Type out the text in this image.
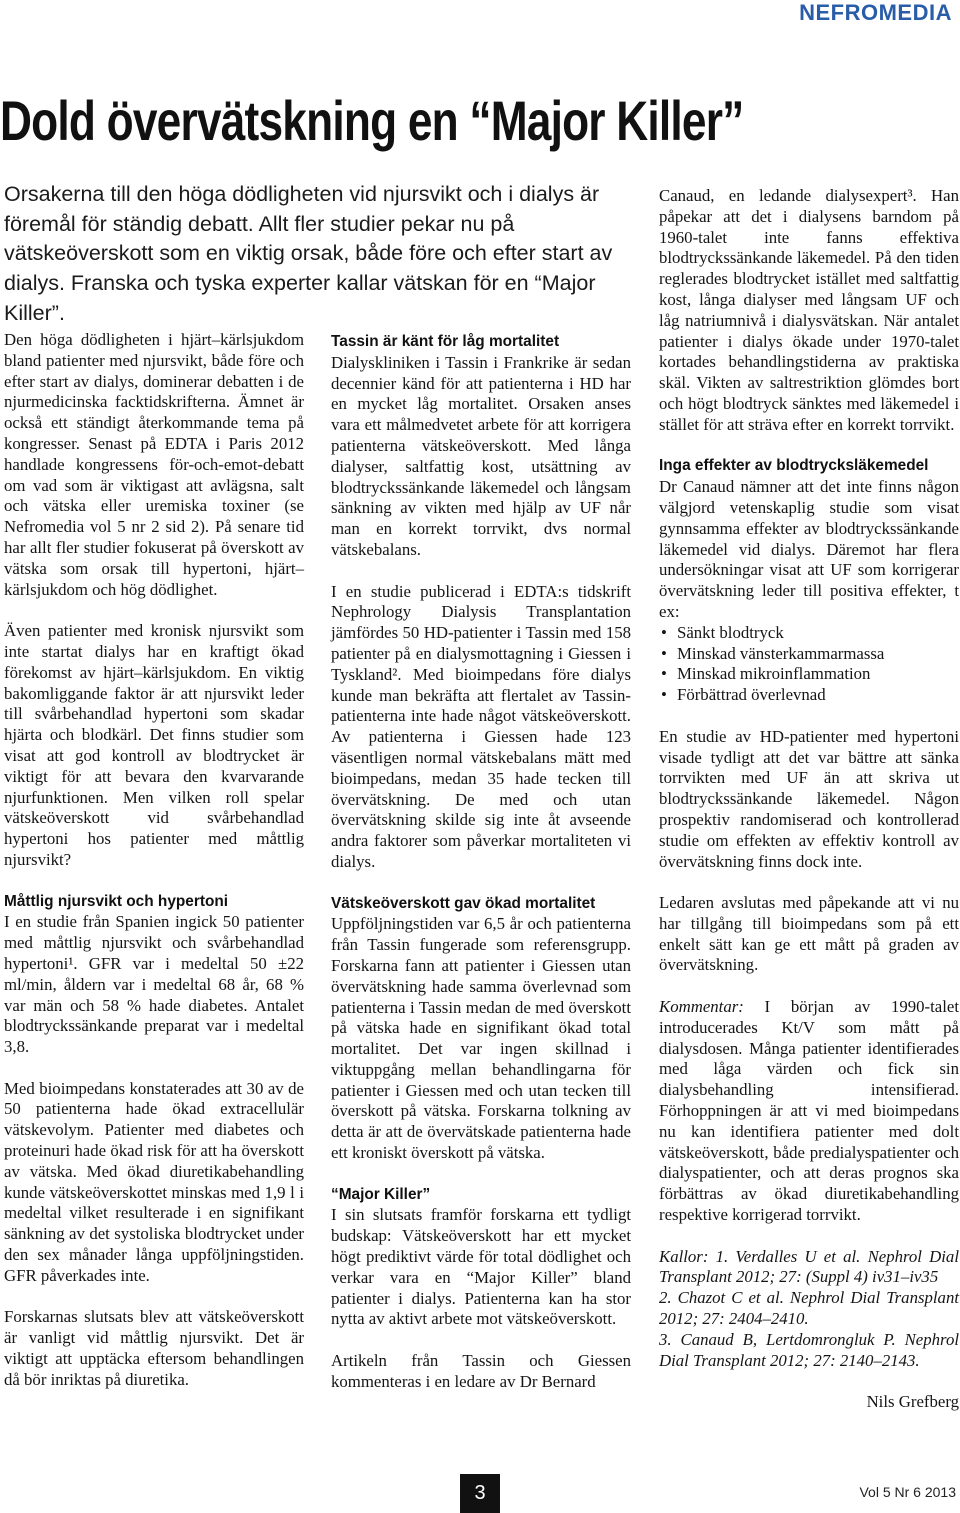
NEFROMEDIA
Dold övervätskning en “Major Killer”

Orsakerna till den höga dödligheten vid njursvikt och i dialys är föremål för ständig debatt. Allt fler studier pekar nu på vätskeöverskott som en viktig orsak, både före och efter start av dialys. Franska och tyska experter kallar vätskan för en “Major Killer”.

Den höga dödligheten i hjärt–kärlsjukdom bland patienter med njursvikt, både före och efter start av dialys, dominerar debatten i de njurmedicinska facktidskrifterna. Ämnet är också ett ständigt återkommande tema på kongresser. Senast på EDTA i Paris 2012 handlade kongressens för-och-emot-debatt om vad som är viktigast att avlägsna, salt och vätska eller uremiska toxiner (se Nefromedia vol 5 nr 2 sid 2). På senare tid har allt fler studier fokuserat på överskott av vätska som orsak till hypertoni, hjärt–kärlsjukdom och hög dödlighet.

Även patienter med kronisk njursvikt som inte startat dialys har en kraftigt ökad förekomst av hjärt–kärlsjukdom. En viktig bakomliggande faktor är att njursvikt leder till svårbehandlad hypertoni som skadar hjärta och blodkärl. Det finns studier som visat att god kontroll av blodtrycket är viktigt för att bevara den kvarvarande njurfunktionen. Men vilken roll spelar vätskeöverskott vid svårbehandlad hypertoni hos patienter med måttlig njursvikt?

Måttlig njursvikt och hypertoni

I en studie från Spanien ingick 50 patienter med måttlig njursvikt och svårbehandlad hypertoni¹. GFR var i medeltal 50 ±22 ml/min, åldern var i medeltal 68 år, 68 % var män och 58 % hade diabetes. Antalet blodtryckssänkande preparat var i medeltal 3,8.

Med bioimpedans konstaterades att 30 av de 50 patienterna hade ökad extracellulär vätskevolym. Patienter med diabetes och proteinuri hade ökad risk för att ha överskott av vätska. Med ökad diuretikabehandling kunde vätskeöverskottet minskas med 1,9 l i medeltal vilket resulterade i en signifikant sänkning av det systoliska blodtrycket under den sex månader långa uppföljningstiden. GFR påverkades inte.

Forskarnas slutsats blev att vätskeöverskott är vanligt vid måttlig njursvikt. Det är viktigt att upptäcka eftersom behandlingen då bör inriktas på diuretika.

Tassin är känt för låg mortalitet

Dialyskliniken i Tassin i Frankrike är sedan decennier känd för att patienterna i HD har en mycket låg mortalitet. Orsaken anses vara ett målmedvetet arbete för att korrigera patienterna vätskeöverskott. Med långa dialyser, saltfattig kost, utsättning av blodtryckssänkande läkemedel och långsam sänkning av vikten med hjälp av UF når man en korrekt torrvikt, dvs normal vätskebalans.

I en studie publicerad i EDTA:s tidskrift Nephrology Dialysis Transplantation jämfördes 50 HD-patienter i Tassin med 158 patienter på en dialysmottagning i Giessen i Tyskland². Med bioimpedans före dialys kunde man bekräfta att flertalet av Tassin-patienterna inte hade något vätskeöverskott. Av patienterna i Giessen hade 123 väsentligen normal vätskebalans mätt med bioimpedans, medan 35 hade tecken till övervätskning. De med och utan övervätskning skilde sig inte åt avseende andra faktorer som påverkar mortaliteten vi dialys.

Vätskeöverskott gav ökad mortalitet

Uppföljningstiden var 6,5 år och patienterna från Tassin fungerade som referensgrupp. Forskarna fann att patienter i Giessen utan övervätskning hade samma överlevnad som patienterna i Tassin medan de med överskott på vätska hade en signifikant ökad total mortalitet. Det var ingen skillnad i viktuppgång mellan behandlingarna för patienter i Giessen med och utan tecken till överskott på vätska. Forskarna tolkning av detta är att de övervätskade patienterna hade ett kroniskt överskott på vätska.

“Major Killer”

I sin slutsats framför forskarna ett tydligt budskap: Vätskeöverskott har ett mycket högt prediktivt värde för total dödlighet och verkar vara en “Major Killer” bland patienter i dialys. Patienterna kan ha stor nytta av aktivt arbete mot vätskeöverskott.

Artikeln från Tassin och Giessen kommenteras i en ledare av Dr Bernard

Canaud, en ledande dialysexpert³. Han påpekar att det i dialysens barndom på 1960-talet inte fanns effektiva blodtryckssänkande läkemedel. På den tiden reglerades blodtrycket istället med saltfattig kost, långa dialyser med långsam UF och låg natriumnivå i dialysvätskan. När antalet patienter i dialys ökade under 1970-talet kortades behandlingstiderna av praktiska skäl. Vikten av saltrestriktion glömdes bort och högt blodtryck sänktes med läkemedel i stället för att sträva efter en korrekt torrvikt.

Inga effekter av blodtrycksläkemedel

Dr Canaud nämner att det inte finns någon välgjord vetenskaplig studie som visat gynnsamma effekter av blodtryckssänkande läkemedel vid dialys. Däremot har flera undersökningar visat att UF som korrigerar övervätskning leder till positiva effekter, t ex:

• Sänkt blodtryck
• Minskad vänsterkammarmassa
• Minskad mikroinflammation
• Förbättrad överlevnad

En studie av HD-patienter med hypertoni visade tydligt att det var bättre att sänka torrvikten med UF än att skriva ut blodtryckssänkande läkemedel. Någon prospektiv randomiserad och kontrollerad studie om effekten av effektiv kontroll av övervätskning finns dock inte.

Ledaren avslutas med påpekande att vi nu har tillgång till bioimpedans som på ett enkelt sätt kan ge ett mått på graden av övervätskning.

Kommentar: I början av 1990-talet introducerades Kt/V som mått på dialysdosen. Många patienter identifierades med låga värden och fick sin dialysbehandling intensifierad. Förhoppningen är att vi med bioimpedans nu kan identifiera patienter med dolt vätskeöverskott, både predialyspatienter och dialyspatienter, och att deras prognos ska förbättras av ökad diuretikabehandling respektive korrigerad torrvikt.

Kallor: 1. Verdalles U et al. Nephrol Dial Transplant 2012; 27: (Suppl 4) iv31–iv35

2. Chazot C et al. Nephrol Dial Transplant 2012; 27: 2404–2410.

3. Canaud B, Lertdomrongluk P. Nephrol Dial Transplant 2012; 27: 2140–2143.

Nils Grefberg

3	Vol 5 Nr 6 2013
